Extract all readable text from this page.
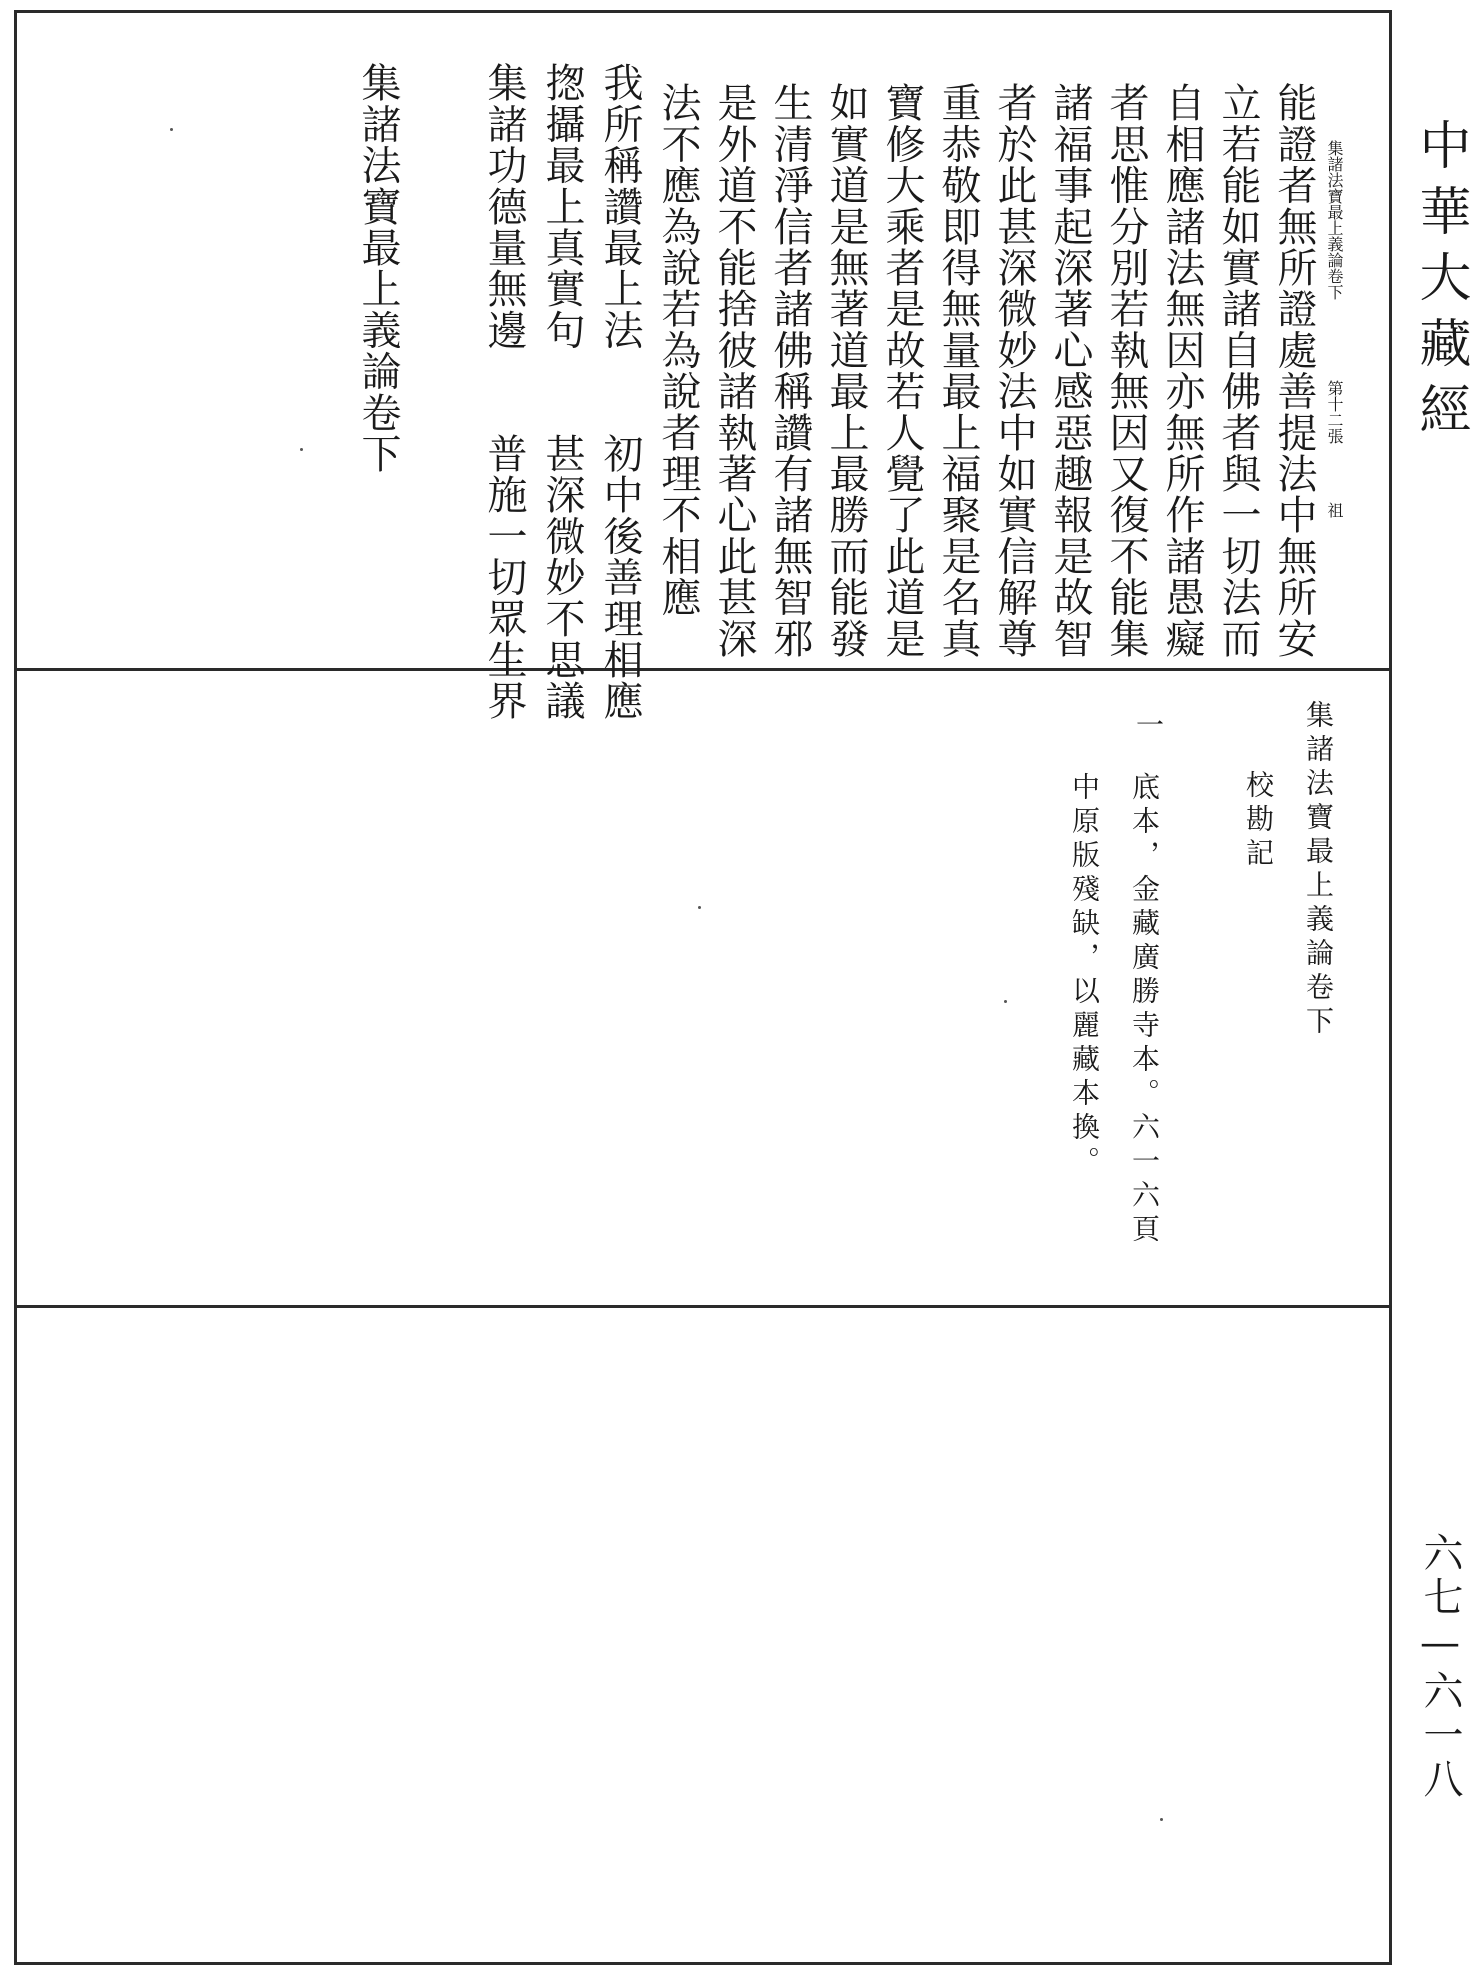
中華大藏經
六七—六一八
集諸法寶最上義論卷下
第十二張
祖
能證者無所證處善提法中無所安
立若能如實諸自佛者與一切法而
自相應諸法無因亦無所作諸愚癡
者思惟分別若執無因又復不能集
諸福事起深著心感惡趣報是故智
者於此甚深微妙法中如實信解尊
重恭敬即得無量最上福聚是名真
寶修大乘者是故若人覺了此道是
如實道是無著道最上最勝而能發
生清淨信者諸佛稱讚有諸無智邪
是外道不能捨彼諸執著心此甚深
法不應為說若為說者理不相應
我所稱讚最上法　　初中後善理相應
揔攝最上真實句　　甚深微妙不思議
集諸功德量無邊　　普施一切眾生界
集諸法寶最上義論卷下
集諸法寶最上義論卷下
校勘記
一
底本，金藏廣勝寺本。六一六頁
中原版殘缺，以麗藏本換。
